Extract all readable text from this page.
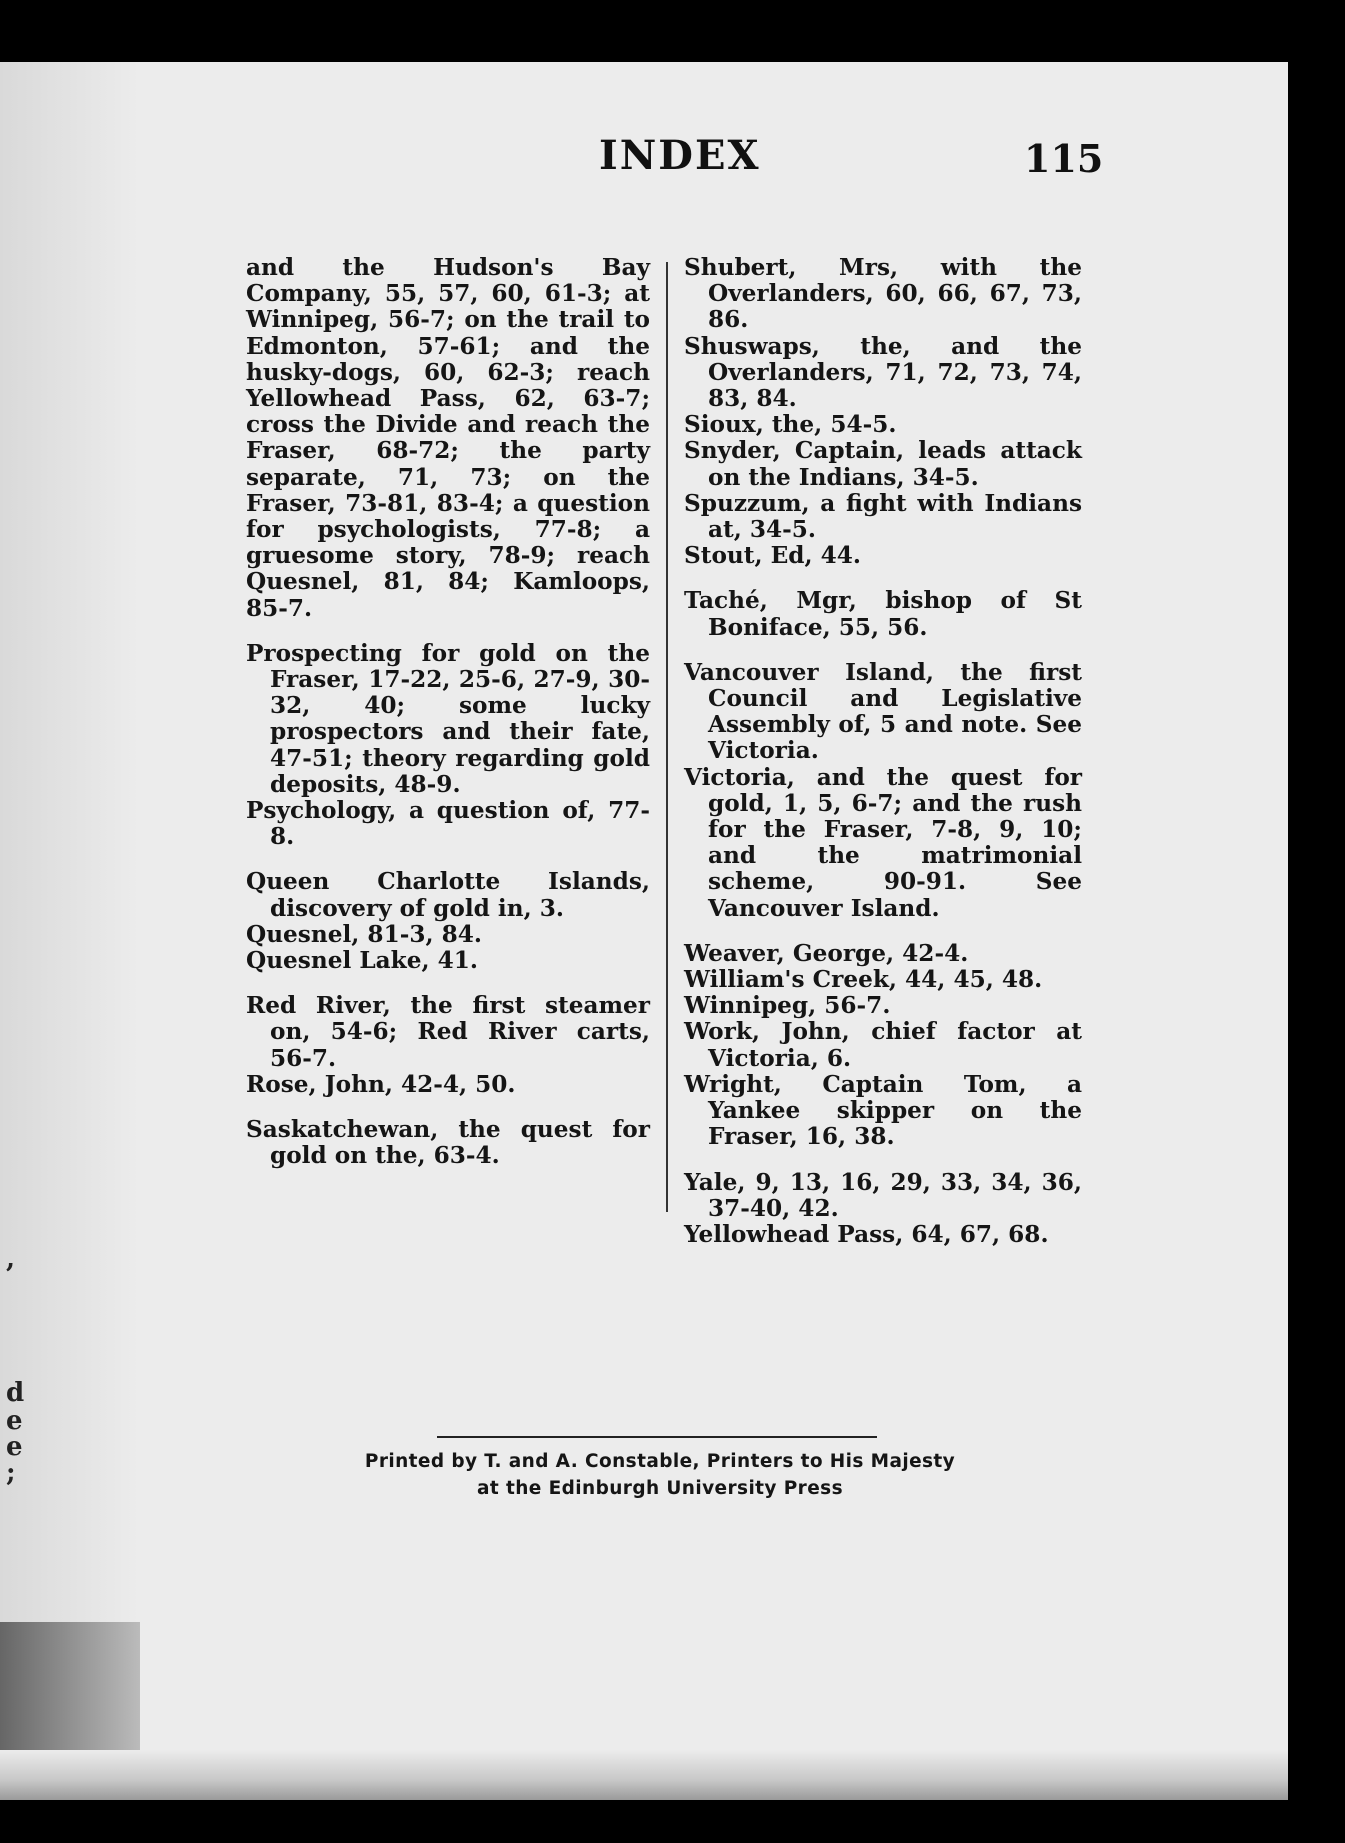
,
d
e
e
;
INDEX	115

and the Hudson's Bay Company, 55, 57, 60, 61-3; at Winnipeg, 56-7; on the trail to Edmonton, 57-61; and the husky-dogs, 60, 62-3; reach Yellowhead Pass, 62, 63-7; cross the Divide and reach the Fraser, 68-72; the party separate, 71, 73; on the Fraser, 73-81, 83-4; a question for psychologists, 77-8; a gruesome story, 78-9; reach Quesnel, 81, 84; Kamloops, 85-7.

Prospecting for gold on the Fraser, 17-22, 25-6, 27-9, 30-32, 40; some lucky prospectors and their fate, 47-51; theory regarding gold deposits, 48-9.

Psychology, a question of, 77-8.

Queen Charlotte Islands, discovery of gold in, 3.

Quesnel, 81-3, 84.

Quesnel Lake, 41.

Red River, the first steamer on, 54-6; Red River carts, 56-7.

Rose, John, 42-4, 50.

Saskatchewan, the quest for gold on the, 63-4.

Shubert, Mrs, with the Overlanders, 60, 66, 67, 73, 86.

Shuswaps, the, and the Overlanders, 71, 72, 73, 74, 83, 84.

Sioux, the, 54-5.

Snyder, Captain, leads attack on the Indians, 34-5.

Spuzzum, a fight with Indians at, 34-5.

Stout, Ed, 44.

Taché, Mgr, bishop of St Boniface, 55, 56.

Vancouver Island, the first Council and Legislative Assembly of, 5 and note. See Victoria.

Victoria, and the quest for gold, 1, 5, 6-7; and the rush for the Fraser, 7-8, 9, 10; and the matrimonial scheme, 90-91. See Vancouver Island.

Weaver, George, 42-4.

William's Creek, 44, 45, 48.

Winnipeg, 56-7.

Work, John, chief factor at Victoria, 6.

Wright, Captain Tom, a Yankee skipper on the Fraser, 16, 38.

Yale, 9, 13, 16, 29, 33, 34, 36, 37-40, 42.

Yellowhead Pass, 64, 67, 68.

Printed by T. and A. Constable, Printers to His Majesty
at the Edinburgh University Press
